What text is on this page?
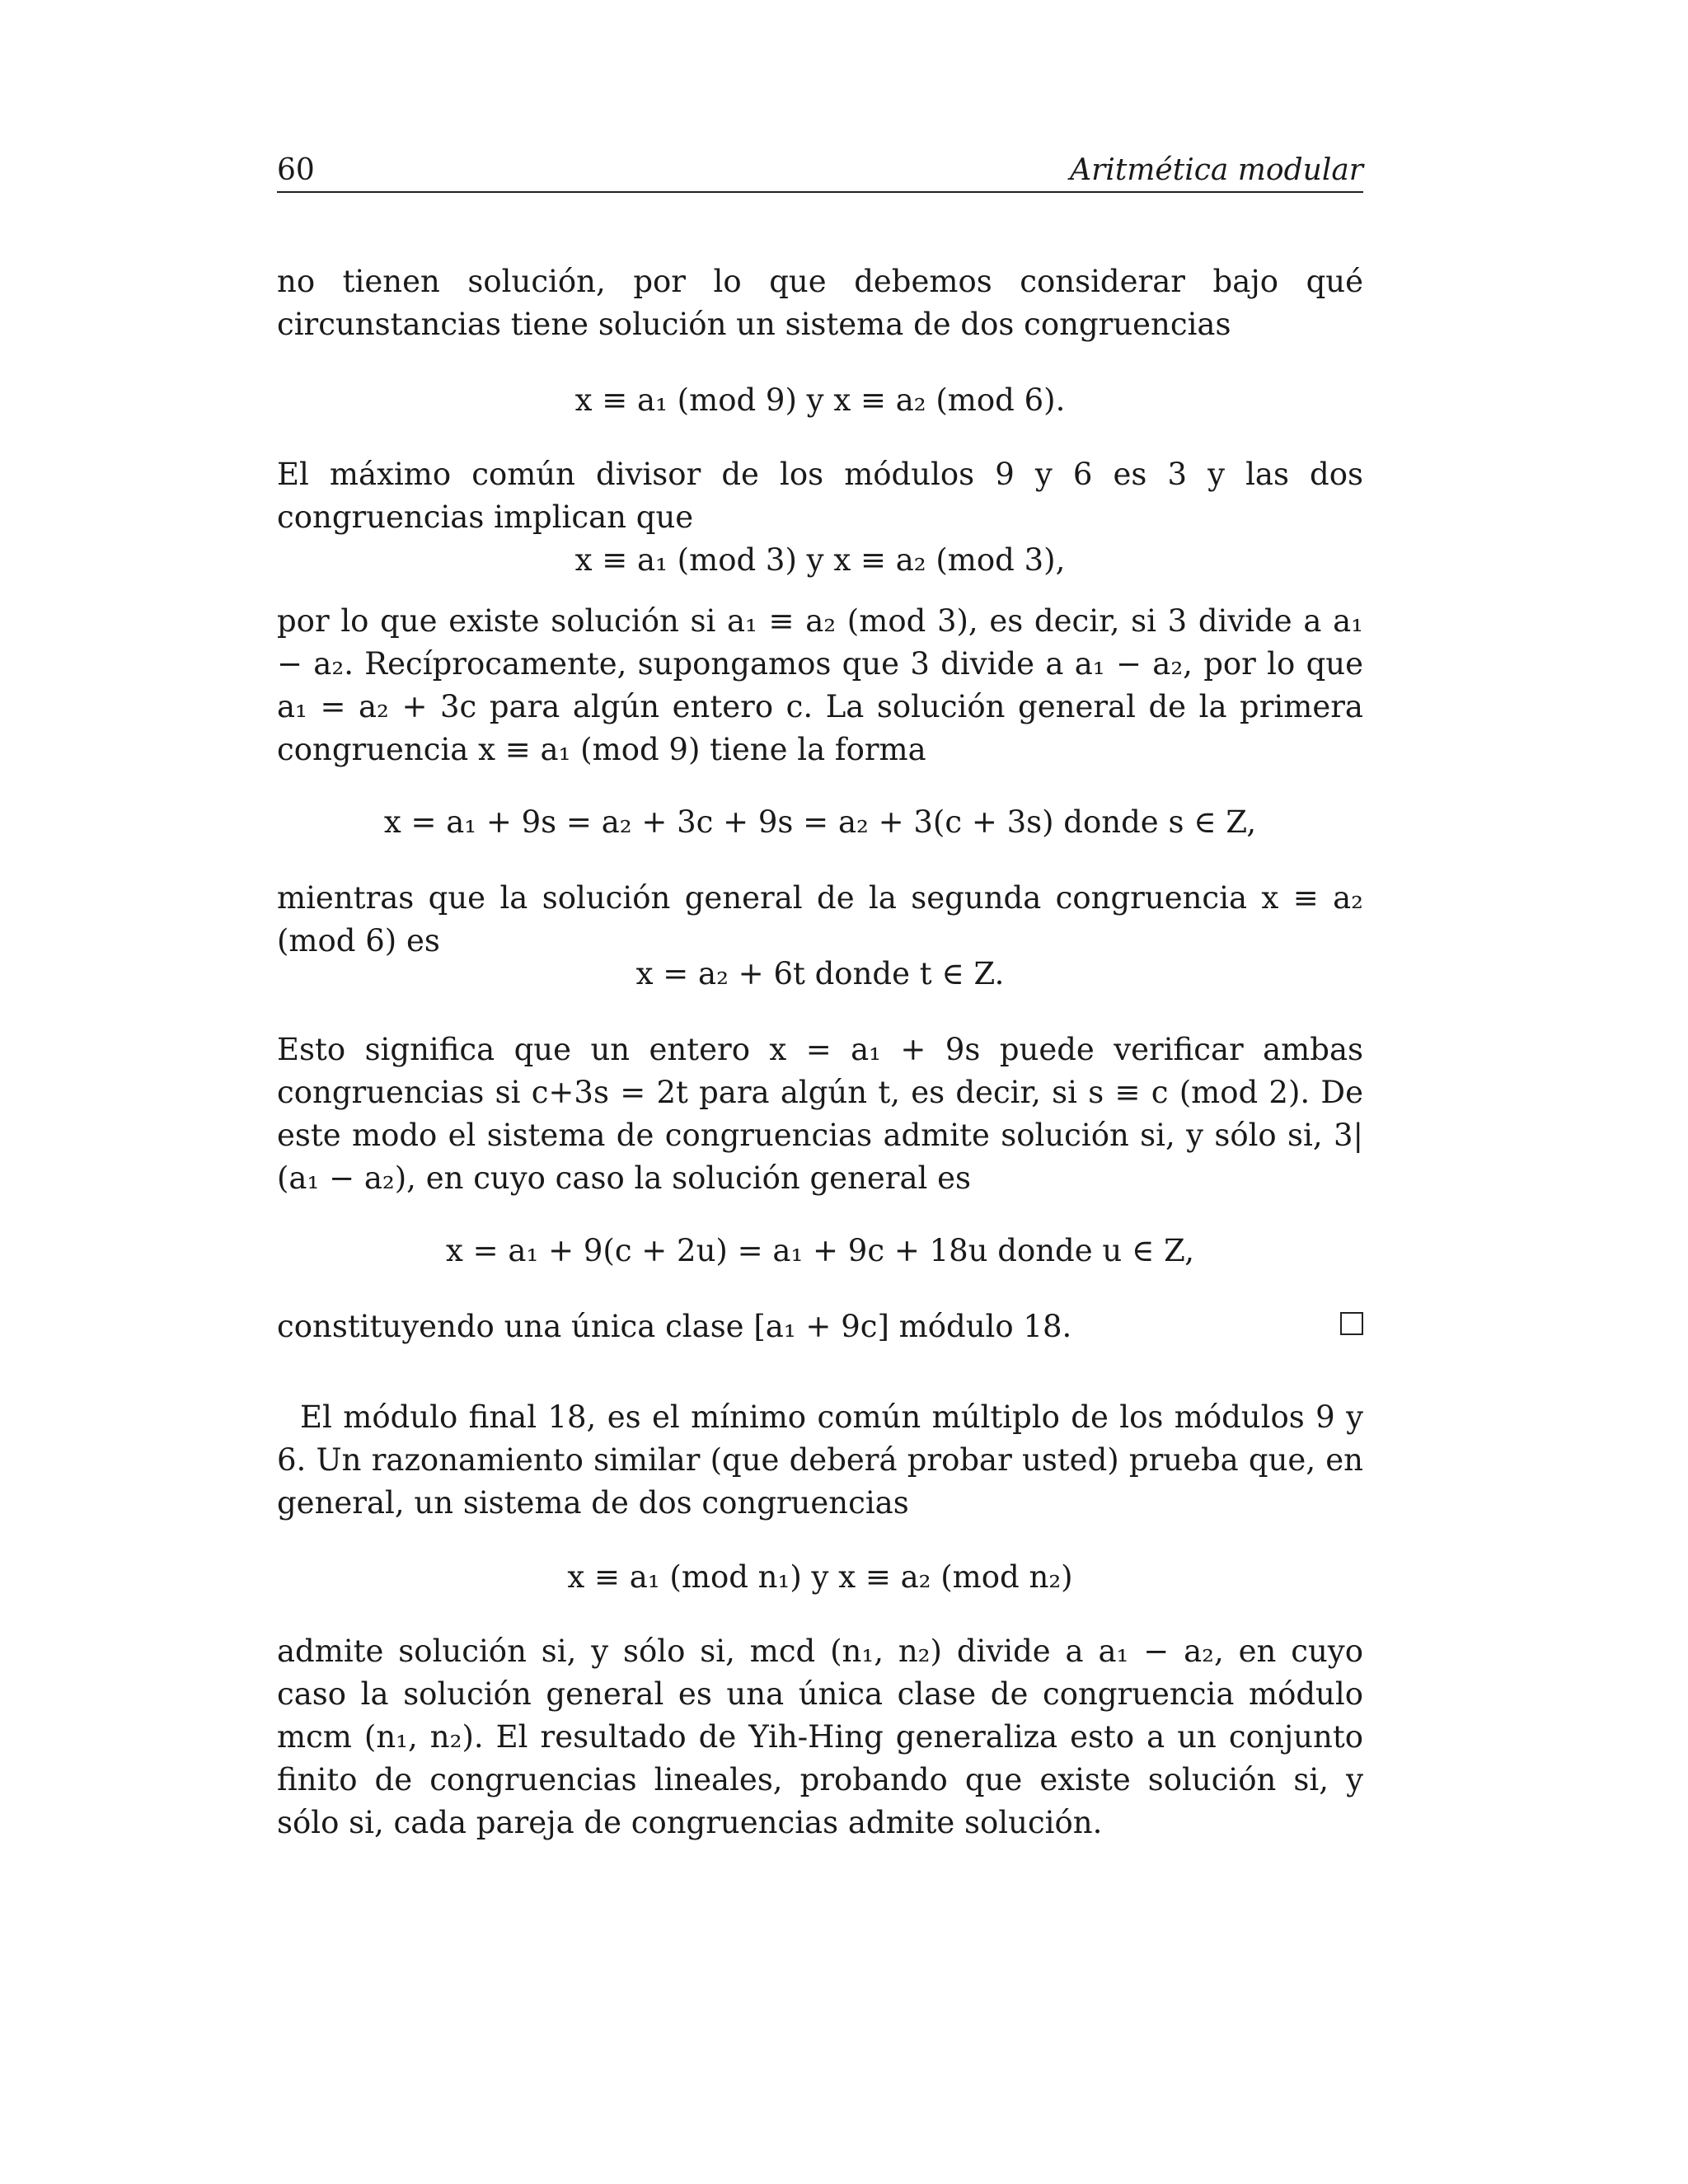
60	Aritmética modular

no tienen solución, por lo que debemos considerar bajo qué circunstancias tiene solución un sistema de dos congruencias

x ≡ a₁ (mod 9) y x ≡ a₂ (mod 6).

El máximo común divisor de los módulos 9 y 6 es 3 y las dos congruencias implican que

x ≡ a₁ (mod 3) y x ≡ a₂ (mod 3),

por lo que existe solución si a₁ ≡ a₂ (mod 3), es decir, si 3 divide a a₁ − a₂. Recíprocamente, supongamos que 3 divide a a₁ − a₂, por lo que a₁ = a₂ + 3c para algún entero c. La solución general de la primera congruencia x ≡ a₁ (mod 9) tiene la forma

x = a₁ + 9s = a₂ + 3c + 9s = a₂ + 3(c + 3s) donde s ∈ Z,

mientras que la solución general de la segunda congruencia x ≡ a₂ (mod 6) es

x = a₂ + 6t donde t ∈ Z.

Esto significa que un entero x = a₁ + 9s puede verificar ambas congruencias si c+3s = 2t para algún t, es decir, si s ≡ c (mod 2). De este modo el sistema de congruencias admite solución si, y sólo si, 3|(a₁ − a₂), en cuyo caso la solución general es

x = a₁ + 9(c + 2u) = a₁ + 9c + 18u donde u ∈ Z,

constituyendo una única clase [a₁ + 9c] módulo 18.

El módulo final 18, es el mínimo común múltiplo de los módulos 9 y 6. Un razonamiento similar (que deberá probar usted) prueba que, en general, un sistema de dos congruencias

x ≡ a₁ (mod n₁) y x ≡ a₂ (mod n₂)

admite solución si, y sólo si, mcd (n₁, n₂) divide a a₁ − a₂, en cuyo caso la solución general es una única clase de congruencia módulo mcm (n₁, n₂). El resultado de Yih-Hing generaliza esto a un conjunto finito de congruencias lineales, probando que existe solución si, y sólo si, cada pareja de congruencias admite solución.
